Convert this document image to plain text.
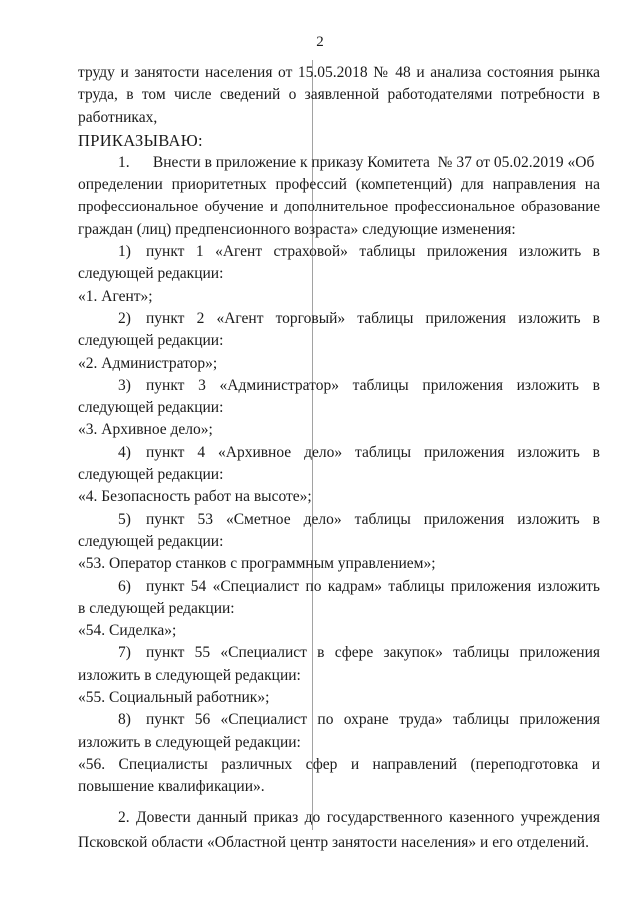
2

труду и занятости населения от 15.05.2018 № 48 и анализа состояния рынка

труда, в том числе сведений о заявленной работодателями потребности в

работниках,

ПРИКАЗЫВАЮ:

1.      Внести в приложение к приказу Комитета  № 37 от 05.02.2019 «Об

определении приоритетных профессий (компетенций) для направления на

профессиональное обучение и дополнительное профессиональное образование

граждан (лиц) предпенсионного возраста» следующие изменения:

1) пункт 1 «Агент страховой» таблицы приложения изложить в

следующей редакции:

«1. Агент»;

2) пункт 2 «Агент торговый» таблицы приложения изложить в

следующей редакции:

«2. Администратор»;

3) пункт 3 «Администратор» таблицы приложения изложить в

следующей редакции:

«3. Архивное дело»;

4) пункт 4 «Архивное дело» таблицы приложения изложить в

следующей редакции:

«4. Безопасность работ на высоте»;

5) пункт 53 «Сметное дело» таблицы приложения изложить в

следующей редакции:

«53. Оператор станков с программным управлением»;

6) пункт 54 «Специалист по кадрам» таблицы приложения изложить

в следующей редакции:

«54. Сиделка»;

7) пункт 55 «Специалист в сфере закупок» таблицы приложения

изложить в следующей редакции:

«55. Социальный работник»;

8) пункт 56 «Специалист по охране труда» таблицы приложения

изложить в следующей редакции:

«56. Специалисты различных сфер и направлений (переподготовка и

повышение квалификации».

2. Довести данный приказ до государственного казенного учреждения

Псковской области «Областной центр занятости населения» и его отделений.
